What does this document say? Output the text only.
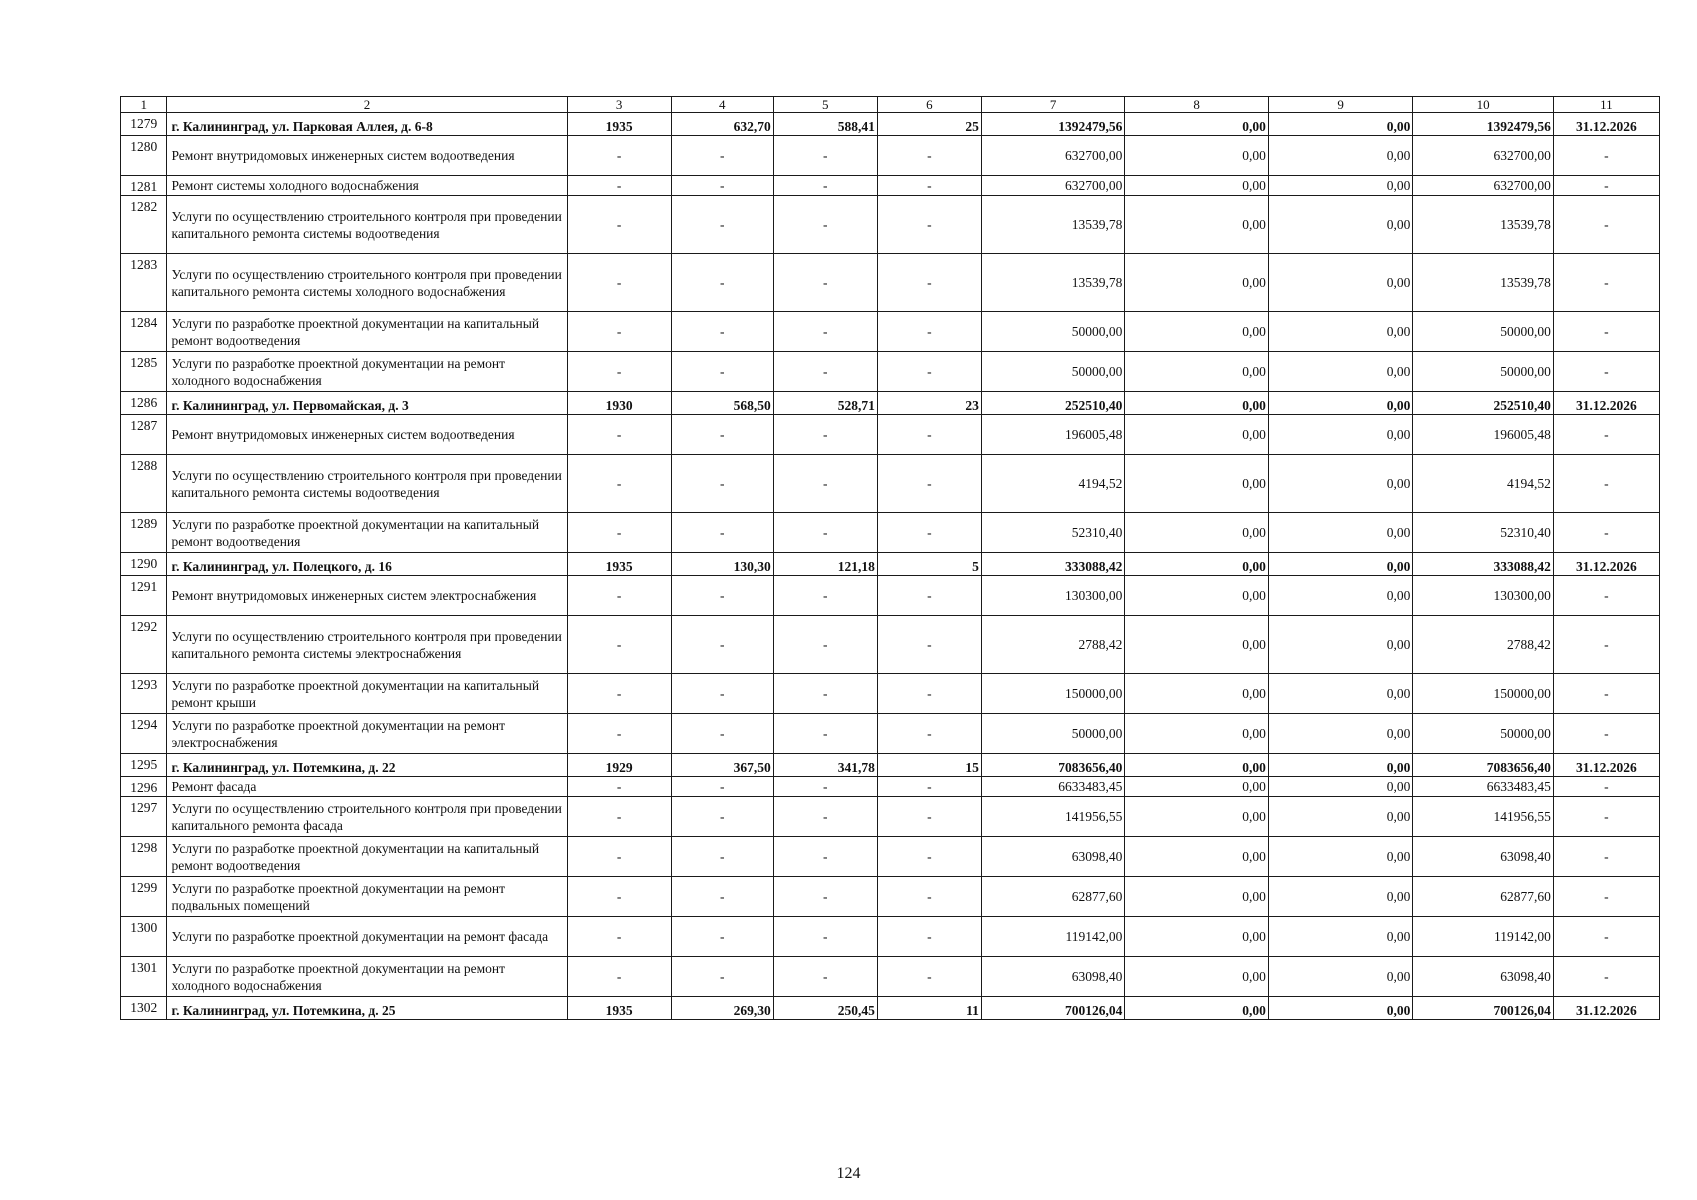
1	2	3	4	5	6	7	8	9	10	11
1279	г. Калининград, ул. Парковая Аллея, д. 6-8	1935	632,70	588,41	25	1392479,56	0,00	0,00	1392479,56	31.12.2026
1280	Ремонт внутридомовых инженерных систем водоотведения	-	-	-	-	632700,00	0,00	0,00	632700,00	-
1281	Ремонт системы холодного водоснабжения	-	-	-	-	632700,00	0,00	0,00	632700,00	-
1282	Услуги по осуществлению строительного контроля при проведении капитального ремонта системы водоотведения	-	-	-	-	13539,78	0,00	0,00	13539,78	-
1283	Услуги по осуществлению строительного контроля при проведении капитального ремонта системы холодного водоснабжения	-	-	-	-	13539,78	0,00	0,00	13539,78	-
1284	Услуги по разработке проектной документации на капитальный ремонт водоотведения	-	-	-	-	50000,00	0,00	0,00	50000,00	-
1285	Услуги по разработке проектной документации на ремонт холодного водоснабжения	-	-	-	-	50000,00	0,00	0,00	50000,00	-
1286	г. Калининград, ул. Первомайская, д. 3	1930	568,50	528,71	23	252510,40	0,00	0,00	252510,40	31.12.2026
1287	Ремонт внутридомовых инженерных систем водоотведения	-	-	-	-	196005,48	0,00	0,00	196005,48	-
1288	Услуги по осуществлению строительного контроля при проведении капитального ремонта системы водоотведения	-	-	-	-	4194,52	0,00	0,00	4194,52	-
1289	Услуги по разработке проектной документации на капитальный ремонт водоотведения	-	-	-	-	52310,40	0,00	0,00	52310,40	-
1290	г. Калининград, ул. Полецкого, д. 16	1935	130,30	121,18	5	333088,42	0,00	0,00	333088,42	31.12.2026
1291	Ремонт внутридомовых инженерных систем электроснабжения	-	-	-	-	130300,00	0,00	0,00	130300,00	-
1292	Услуги по осуществлению строительного контроля при проведении капитального ремонта системы электроснабжения	-	-	-	-	2788,42	0,00	0,00	2788,42	-
1293	Услуги по разработке проектной документации на капитальный ремонт крыши	-	-	-	-	150000,00	0,00	0,00	150000,00	-
1294	Услуги по разработке проектной документации на ремонт электроснабжения	-	-	-	-	50000,00	0,00	0,00	50000,00	-
1295	г. Калининград, ул. Потемкина, д. 22	1929	367,50	341,78	15	7083656,40	0,00	0,00	7083656,40	31.12.2026
1296	Ремонт фасада	-	-	-	-	6633483,45	0,00	0,00	6633483,45	-
1297	Услуги по осуществлению строительного контроля при проведении капитального ремонта фасада	-	-	-	-	141956,55	0,00	0,00	141956,55	-
1298	Услуги по разработке проектной документации на капитальный ремонт водоотведения	-	-	-	-	63098,40	0,00	0,00	63098,40	-
1299	Услуги по разработке проектной документации на ремонт подвальных помещений	-	-	-	-	62877,60	0,00	0,00	62877,60	-
1300	Услуги по разработке проектной документации на ремонт фасада	-	-	-	-	119142,00	0,00	0,00	119142,00	-
1301	Услуги по разработке проектной документации на ремонт холодного водоснабжения	-	-	-	-	63098,40	0,00	0,00	63098,40	-
1302	г. Калининград, ул. Потемкина, д. 25	1935	269,30	250,45	11	700126,04	0,00	0,00	700126,04	31.12.2026
124
